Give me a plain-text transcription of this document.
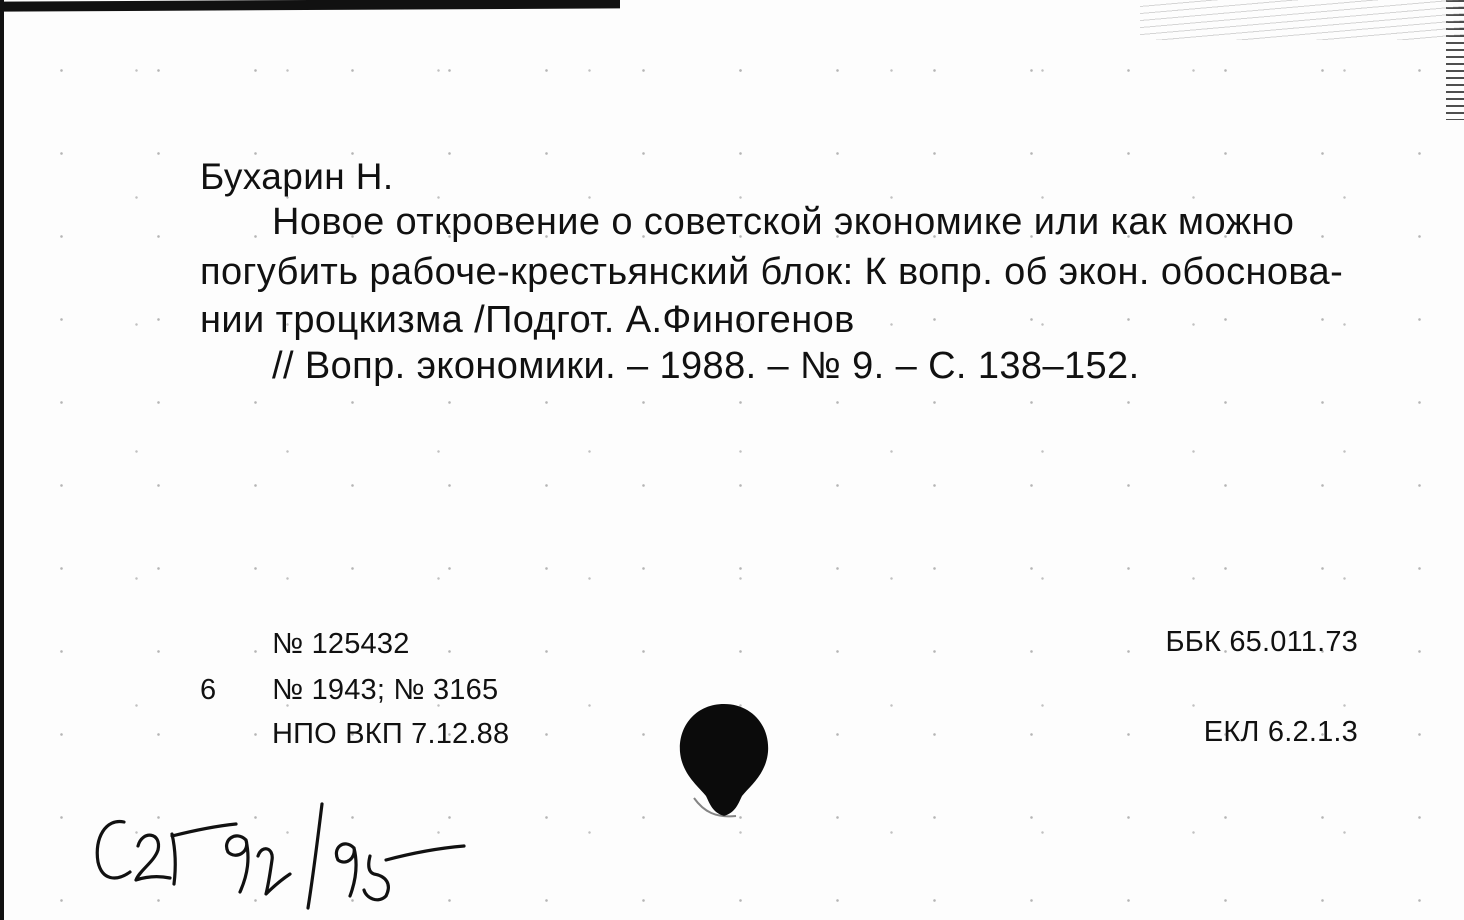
Бухарин Н.
Новое откровение о советской экономике или как можно
погубить рабоче-крестьянский блок: К вопр. об экон. обоснова-
нии троцкизма /Подгот. А.Финогенов
// Вопр. экономики. – 1988. – № 9. – С. 138–152.
№ 125432
6 № 1943; № 3165
НПО ВКП 7.12.88
ББК 65.011.73
ЕКЛ 6.2.1.3
